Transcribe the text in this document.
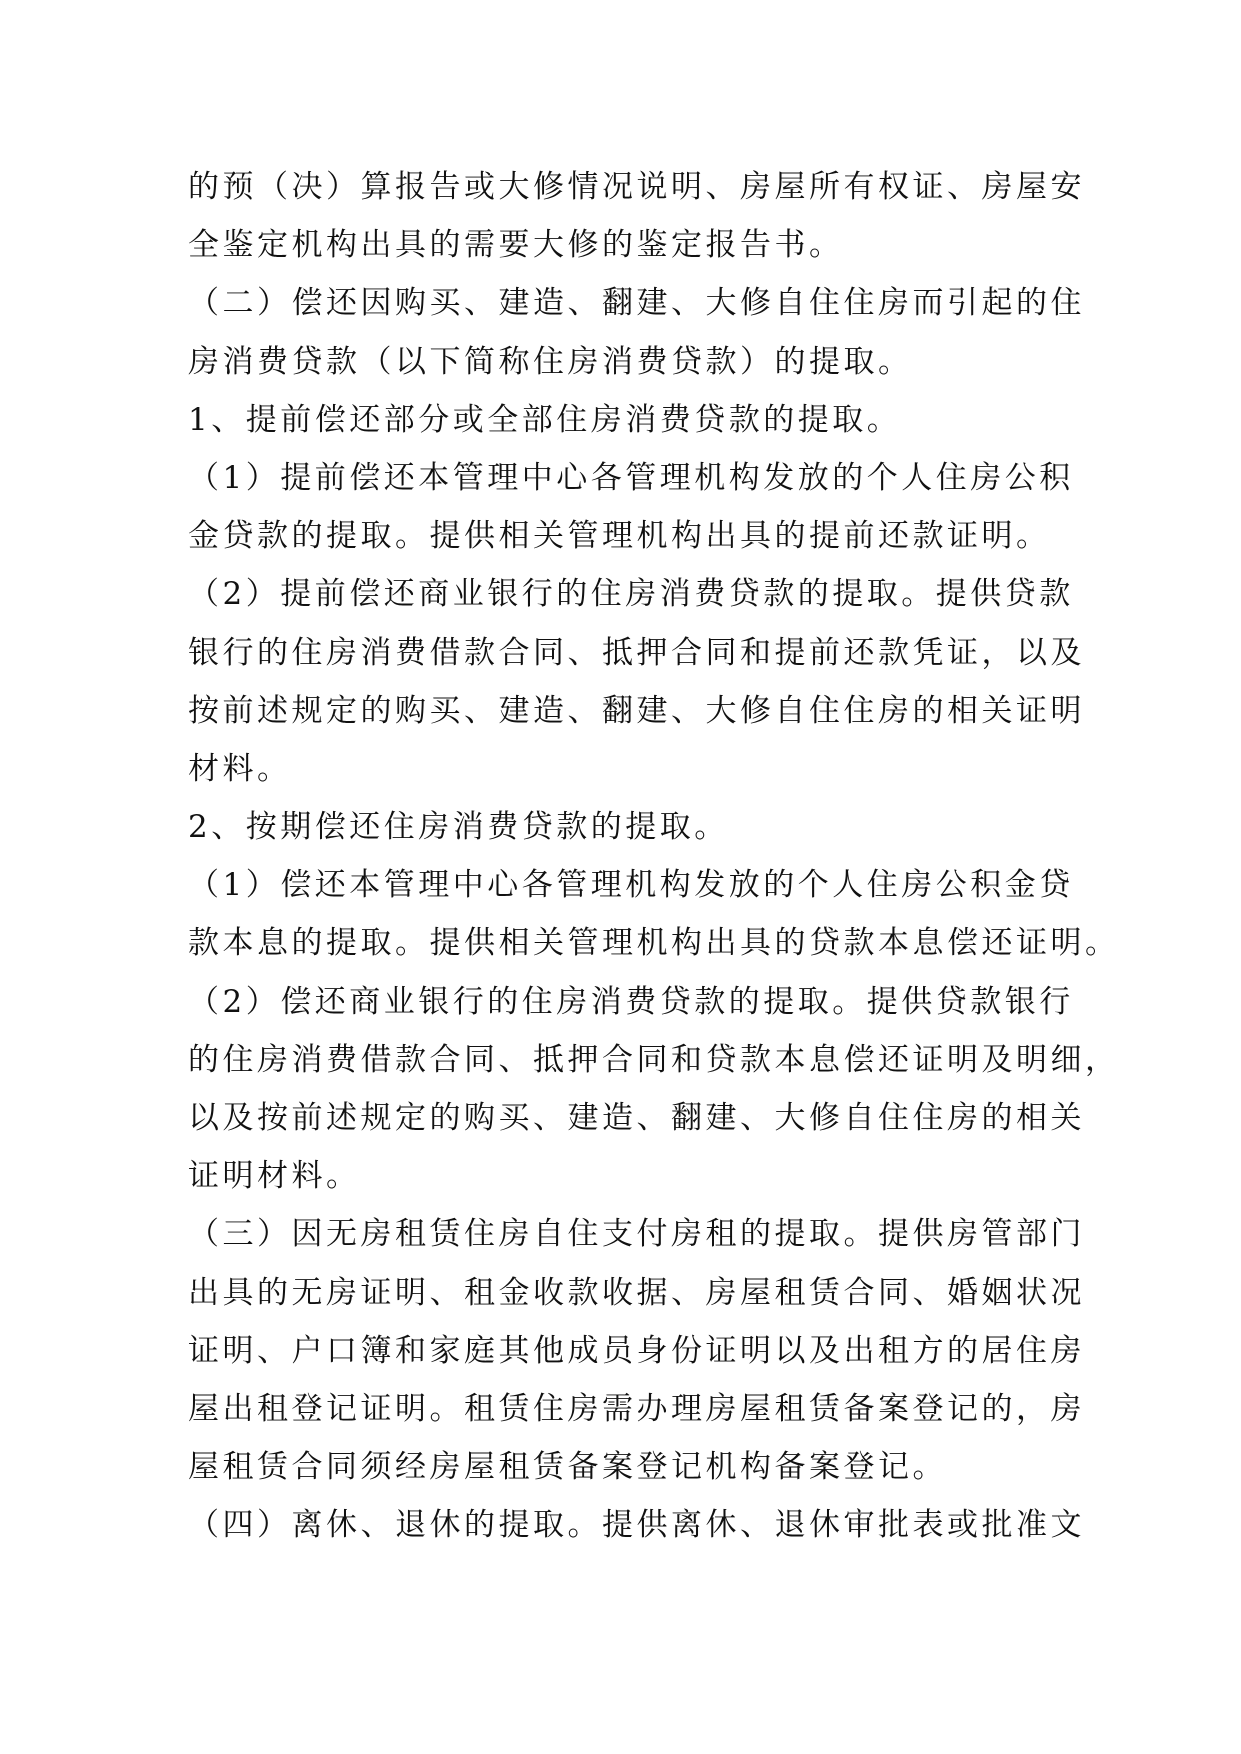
的预（决）算报告或大修情况说明、房屋所有权证、房屋安
全鉴定机构出具的需要大修的鉴定报告书。
（二）偿还因购买、建造、翻建、大修自住住房而引起的住
房消费贷款（以下简称住房消费贷款）的提取。
1、提前偿还部分或全部住房消费贷款的提取。
（1）提前偿还本管理中心各管理机构发放的个人住房公积
金贷款的提取。提供相关管理机构出具的提前还款证明。
（2）提前偿还商业银行的住房消费贷款的提取。提供贷款
银行的住房消费借款合同、抵押合同和提前还款凭证，以及
按前述规定的购买、建造、翻建、大修自住住房的相关证明
材料。
2、按期偿还住房消费贷款的提取。
（1）偿还本管理中心各管理机构发放的个人住房公积金贷
款本息的提取。提供相关管理机构出具的贷款本息偿还证明。
（2）偿还商业银行的住房消费贷款的提取。提供贷款银行
的住房消费借款合同、抵押合同和贷款本息偿还证明及明细，
以及按前述规定的购买、建造、翻建、大修自住住房的相关
证明材料。
（三）因无房租赁住房自住支付房租的提取。提供房管部门
出具的无房证明、租金收款收据、房屋租赁合同、婚姻状况
证明、户口簿和家庭其他成员身份证明以及出租方的居住房
屋出租登记证明。租赁住房需办理房屋租赁备案登记的，房
屋租赁合同须经房屋租赁备案登记机构备案登记。
（四）离休、退休的提取。提供离休、退休审批表或批准文
